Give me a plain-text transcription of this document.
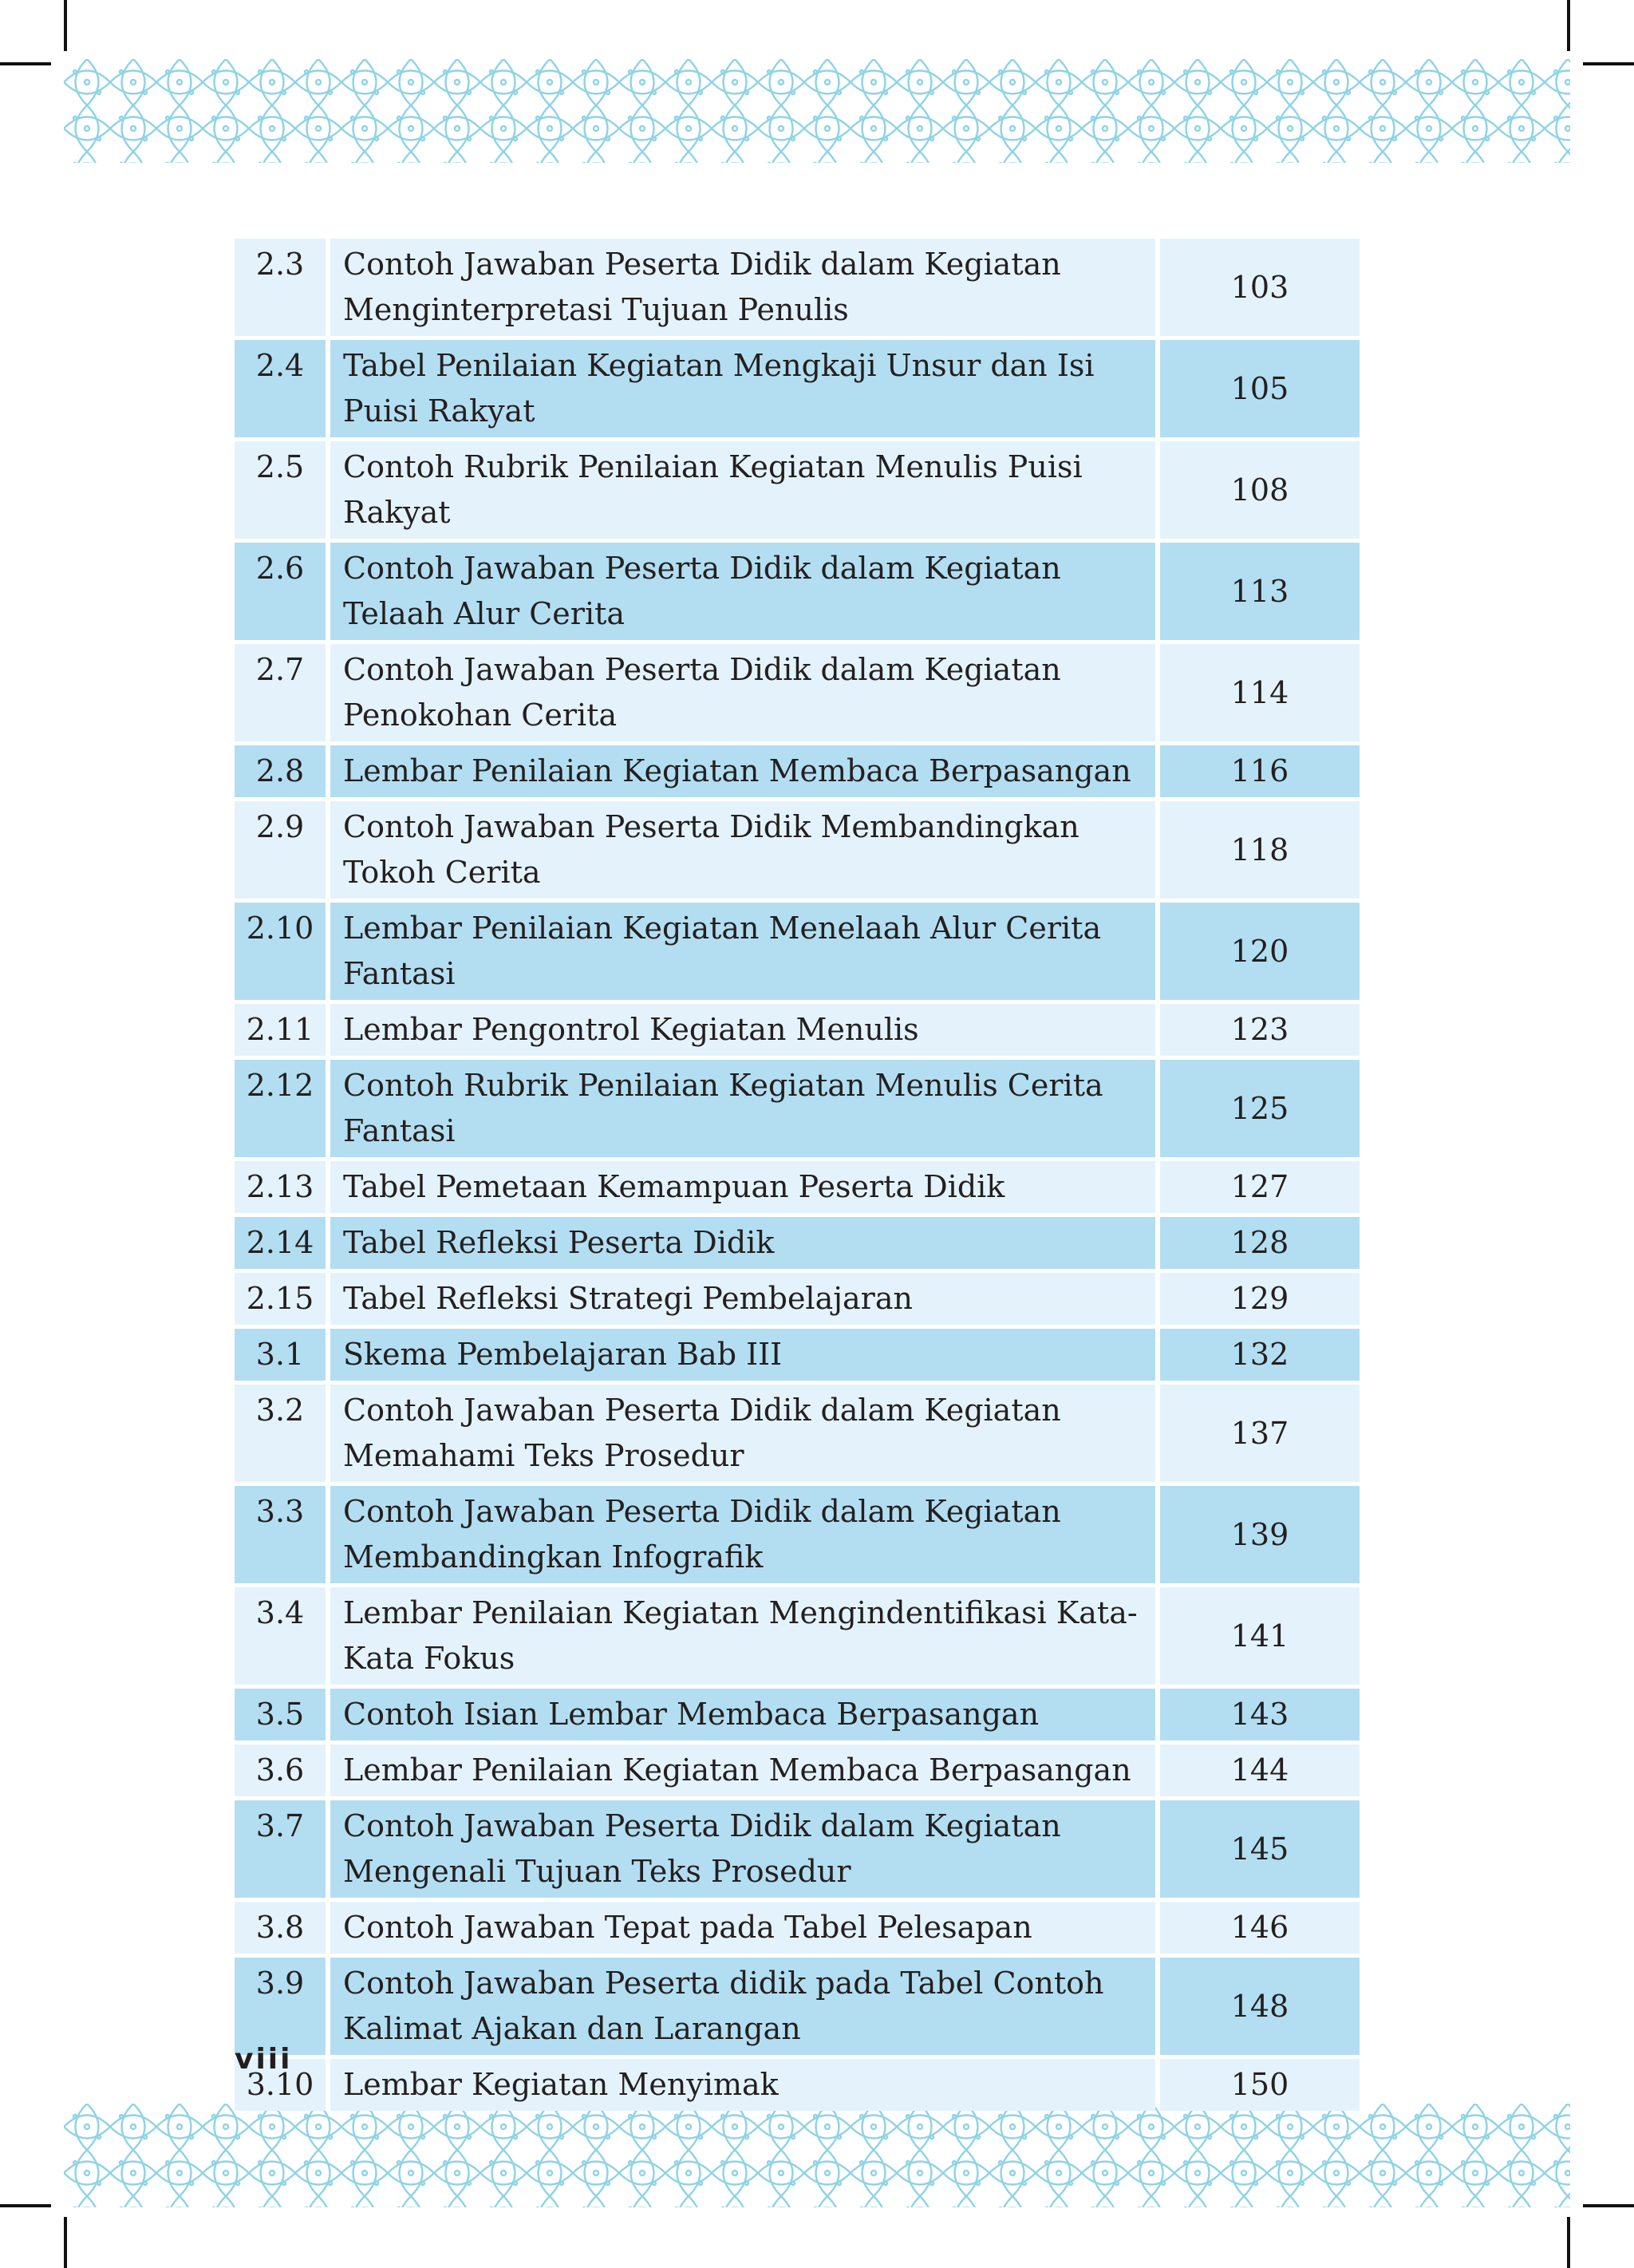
2.3	Contoh Jawaban Peserta Didik dalam Kegiatan Menginterpretasi Tujuan Penulis	103
2.4	Tabel Penilaian Kegiatan Mengkaji Unsur dan Isi Puisi Rakyat	105
2.5	Contoh Rubrik Penilaian Kegiatan Menulis Puisi Rakyat	108
2.6	Contoh Jawaban Peserta Didik dalam Kegiatan Telaah Alur Cerita	113
2.7	Contoh Jawaban Peserta Didik dalam Kegiatan Penokohan Cerita	114
2.8	Lembar Penilaian Kegiatan Membaca Berpasangan	116
2.9	Contoh Jawaban Peserta Didik Membandingkan Tokoh Cerita	118
2.10	Lembar Penilaian Kegiatan Menelaah Alur Cerita Fantasi	120
2.11	Lembar Pengontrol Kegiatan Menulis	123
2.12	Contoh Rubrik Penilaian Kegiatan Menulis Cerita Fantasi	125
2.13	Tabel Pemetaan Kemampuan Peserta Didik	127
2.14	Tabel Refleksi Peserta Didik	128
2.15	Tabel Refleksi Strategi Pembelajaran	129
3.1	Skema Pembelajaran Bab III	132
3.2	Contoh Jawaban Peserta Didik dalam Kegiatan Memahami Teks Prosedur	137
3.3	Contoh Jawaban Peserta Didik dalam Kegiatan Membandingkan Infografik	139
3.4	Lembar Penilaian Kegiatan Mengindentifikasi Kata-Kata Fokus	141
3.5	Contoh Isian Lembar Membaca Berpasangan	143
3.6	Lembar Penilaian Kegiatan Membaca Berpasangan	144
3.7	Contoh Jawaban Peserta Didik dalam Kegiatan Mengenali Tujuan Teks Prosedur	145
3.8	Contoh Jawaban Tepat pada Tabel Pelesapan	146
3.9	Contoh Jawaban Peserta didik pada Tabel Contoh Kalimat Ajakan dan Larangan	148
3.10	Lembar Kegiatan Menyimak	150
viii
